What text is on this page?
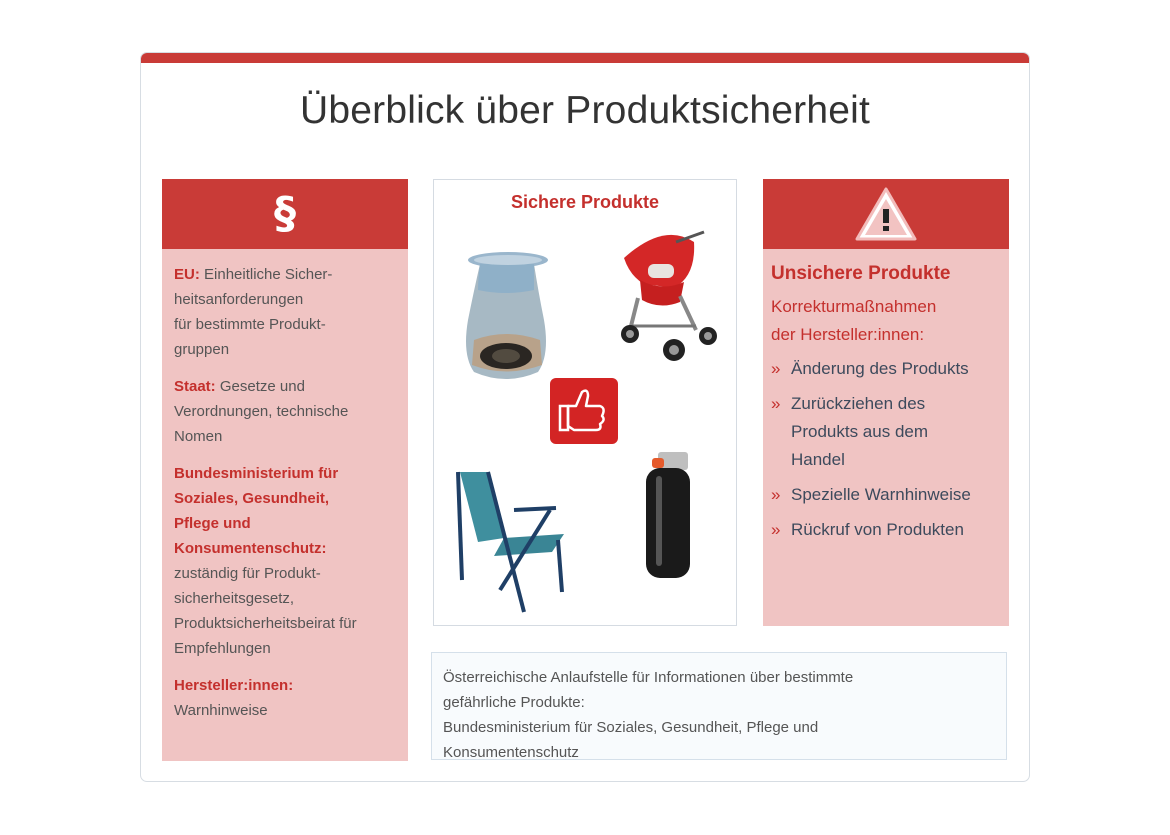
Überblick über Produktsicherheit
§

EU: Einheitliche Sicher-
heitsanforderungen
für bestimmte Produkt-
gruppen

Staat: Gesetze und
Verordnungen, technische
Nomen

Bundesministerium für
Soziales, Gesundheit,
Pflege und
Konsumentenschutz:
zuständig für Produkt-
sicherheitsgesetz,
Produktsicherheitsbeirat für
Empfehlungen

Hersteller:innen:
Warnhinweise

Sichere Produkte
Unsichere Produkte
Korrekturmaßnahmen
der Hersteller:innen:
» Änderung des Produkts
» Zurückziehen des
Produkts aus dem
Handel
» Spezielle Warnhinweise
» Rückruf von Produkten
Österreichische Anlaufstelle für Informationen über bestimmte
gefährliche Produkte:
Bundesministerium für Soziales, Gesundheit, Pflege und
Konsumentenschutz
